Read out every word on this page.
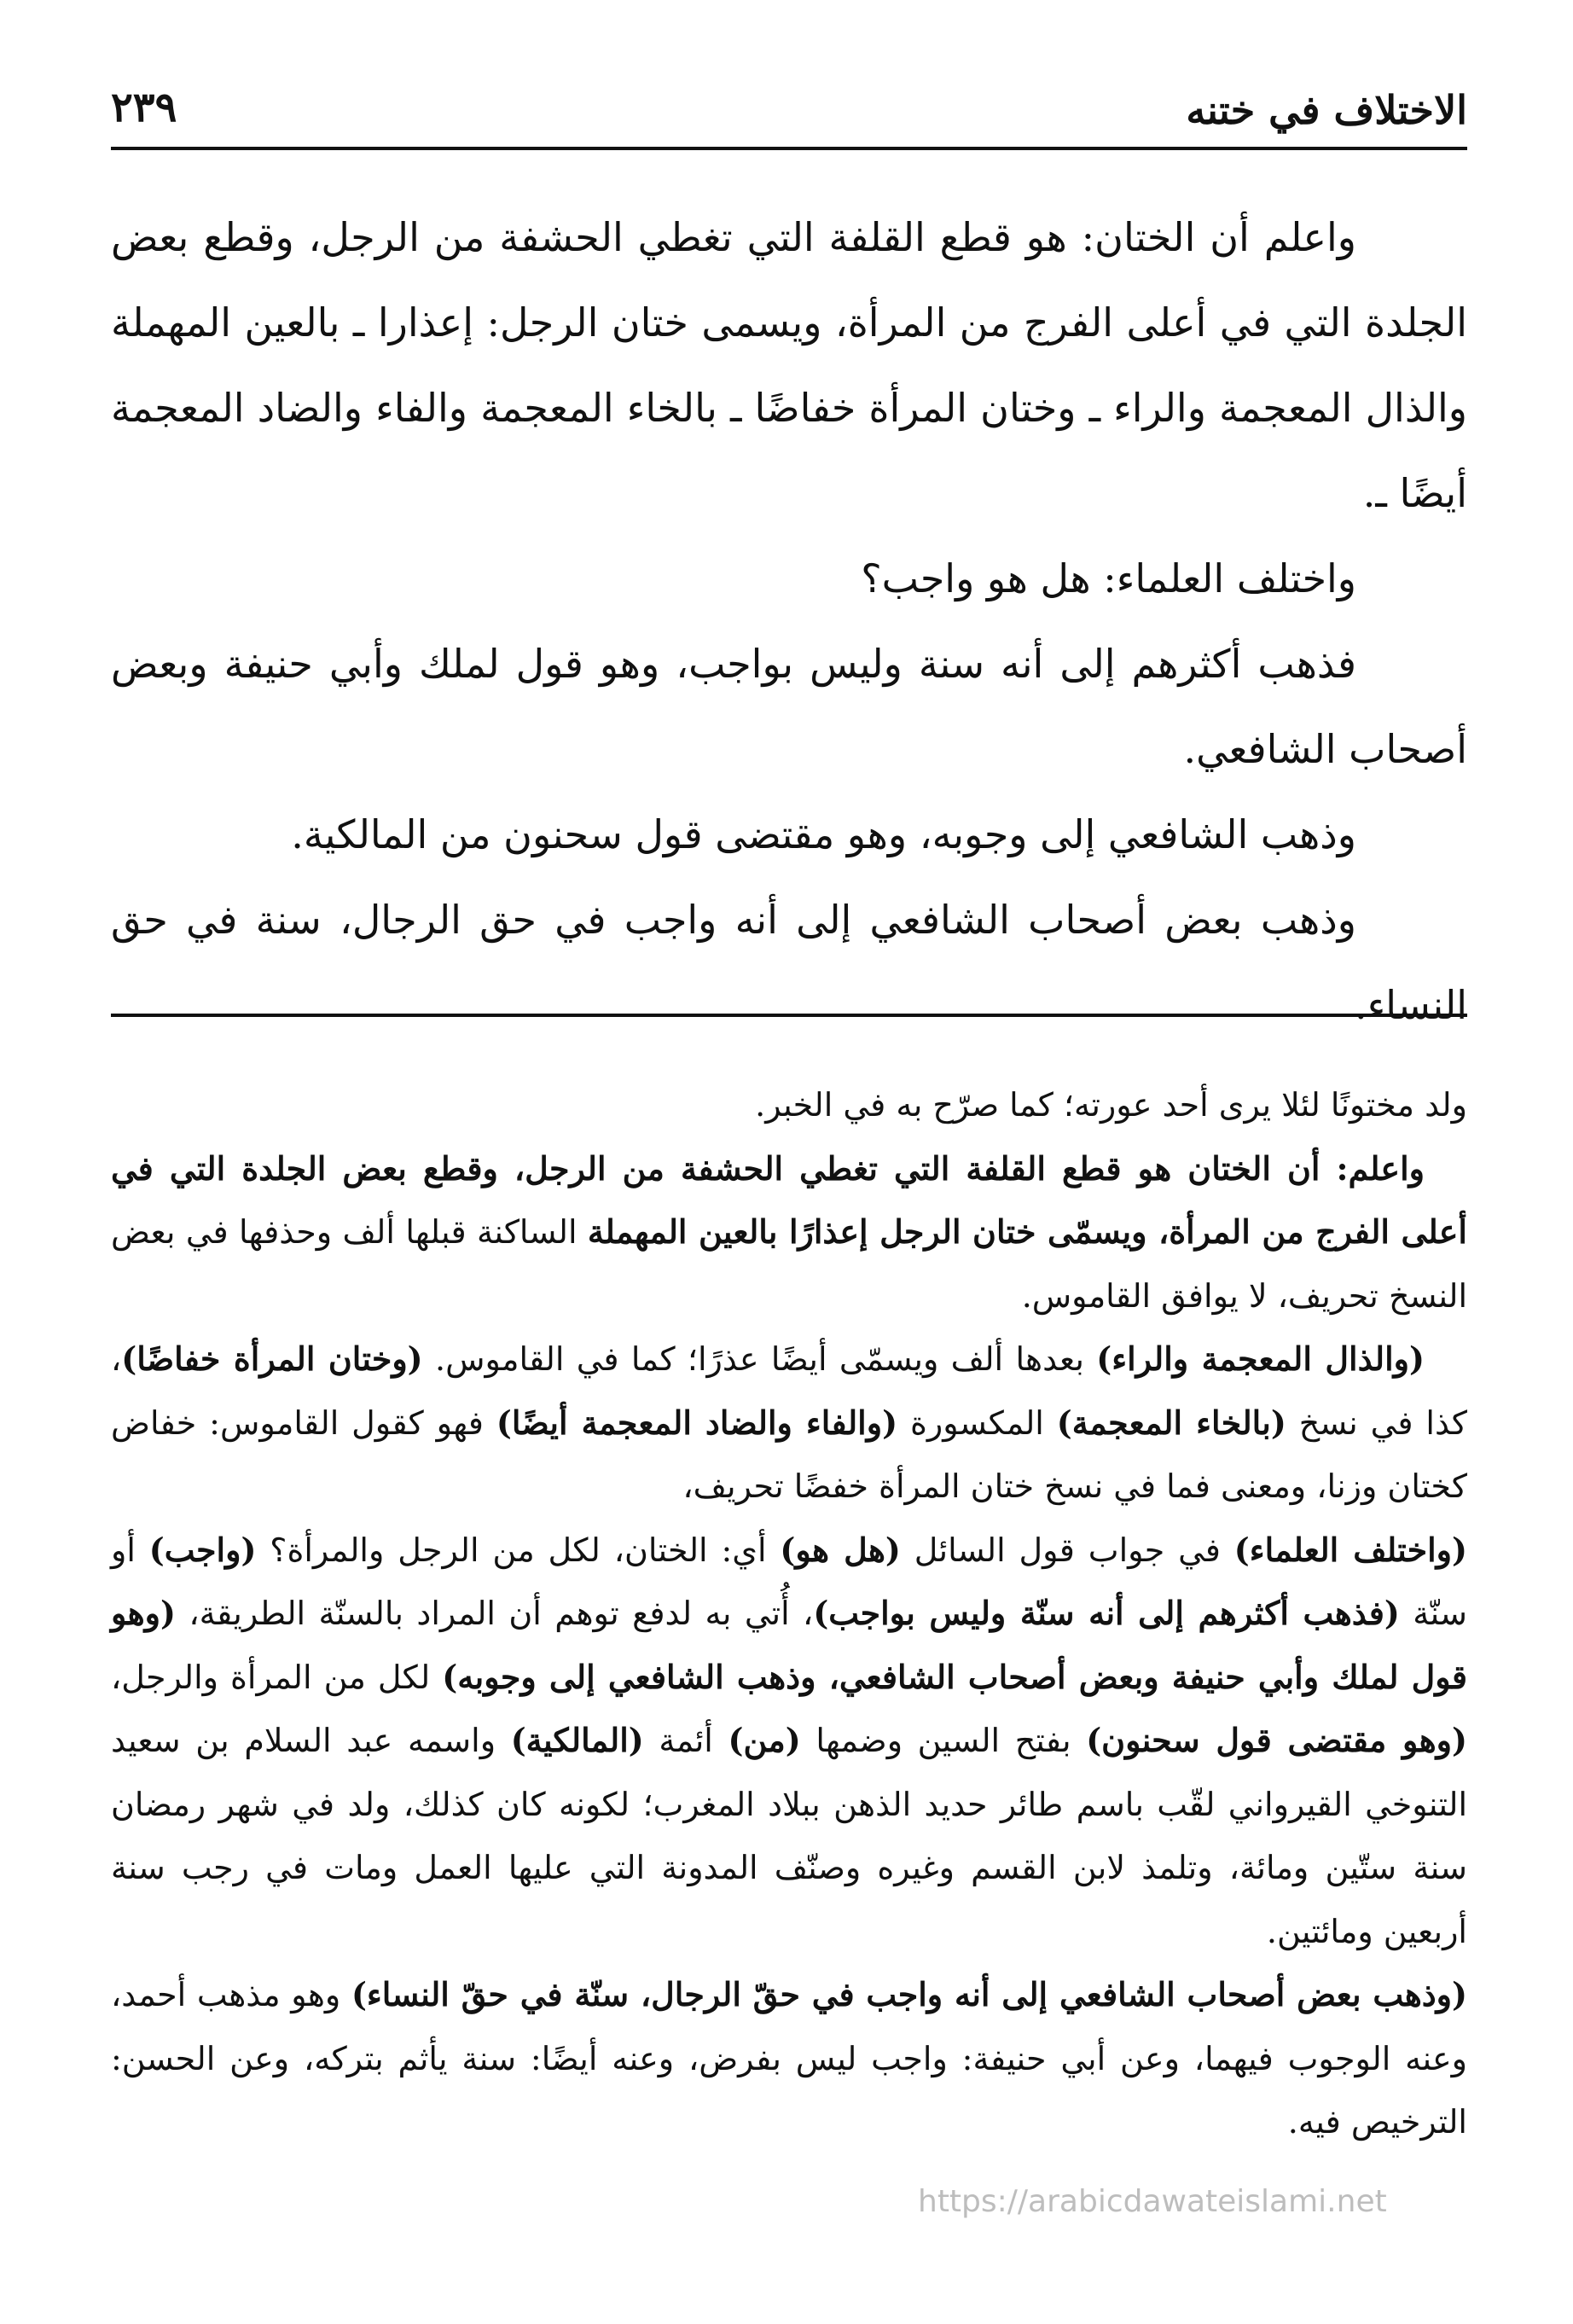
الاختلاف في ختنه
٢٣٩

واعلم أن الختان: هو قطع القلفة التي تغطي الحشفة من الرجل، وقطع بعض الجلدة التي في أعلى الفرج من المرأة، ويسمى ختان الرجل: إعذارا ـ بالعين المهملة والذال المعجمة والراء ـ وختان المرأة خفاضًا ـ بالخاء المعجمة والفاء والضاد المعجمة أيضًا ـ.

واختلف العلماء: هل هو واجب؟

فذهب أكثرهم إلى أنه سنة وليس بواجب، وهو قول لملك وأبي حنيفة وبعض أصحاب الشافعي.

وذهب الشافعي إلى وجوبه، وهو مقتضى قول سحنون من المالكية.

وذهب بعض أصحاب الشافعي إلى أنه واجب في حق الرجال، سنة في حق النساء.

ولد مختونًا لئلا يرى أحد عورته؛ كما صرّح به في الخبر.

واعلم: أن الختان هو قطع القلفة التي تغطي الحشفة من الرجل، وقطع بعض الجلدة التي في أعلى الفرج من المرأة، ويسمّى ختان الرجل إعذارًا بالعين المهملة الساكنة قبلها ألف وحذفها في بعض النسخ تحريف، لا يوافق القاموس.

(والذال المعجمة والراء) بعدها ألف ويسمّى أيضًا عذرًا؛ كما في القاموس. (وختان المرأة خفاضًا)، كذا في نسخ (بالخاء المعجمة) المكسورة (والفاء والضاد المعجمة أيضًا) فهو كقول القاموس: خفاض كختان وزنا، ومعنى فما في نسخ ختان المرأة خفضًا تحريف،

(واختلف العلماء) في جواب قول السائل (هل هو) أي: الختان، لكل من الرجل والمرأة؟ (واجب) أو سنّة (فذهب أكثرهم إلى أنه سنّة وليس بواجب)، أُتي به لدفع توهم أن المراد بالسنّة الطريقة، (وهو قول لملك وأبي حنيفة وبعض أصحاب الشافعي، وذهب الشافعي إلى وجوبه) لكل من المرأة والرجل، (وهو مقتضى قول سحنون) بفتح السين وضمها (من) أئمة (المالكية) واسمه عبد السلام بن سعيد التنوخي القيرواني لقّب باسم طائر حديد الذهن ببلاد المغرب؛ لكونه كان كذلك، ولد في شهر رمضان سنة ستّين ومائة، وتلمذ لابن القسم وغيره وصنّف المدونة التي عليها العمل ومات في رجب سنة أربعين ومائتين.

(وذهب بعض أصحاب الشافعي إلى أنه واجب في حقّ الرجال، سنّة في حقّ النساء) وهو مذهب أحمد، وعنه الوجوب فيهما، وعن أبي حنيفة: واجب ليس بفرض، وعنه أيضًا: سنة يأثم بتركه، وعن الحسن: الترخيص فيه.

https://arabicdawateislami.net
